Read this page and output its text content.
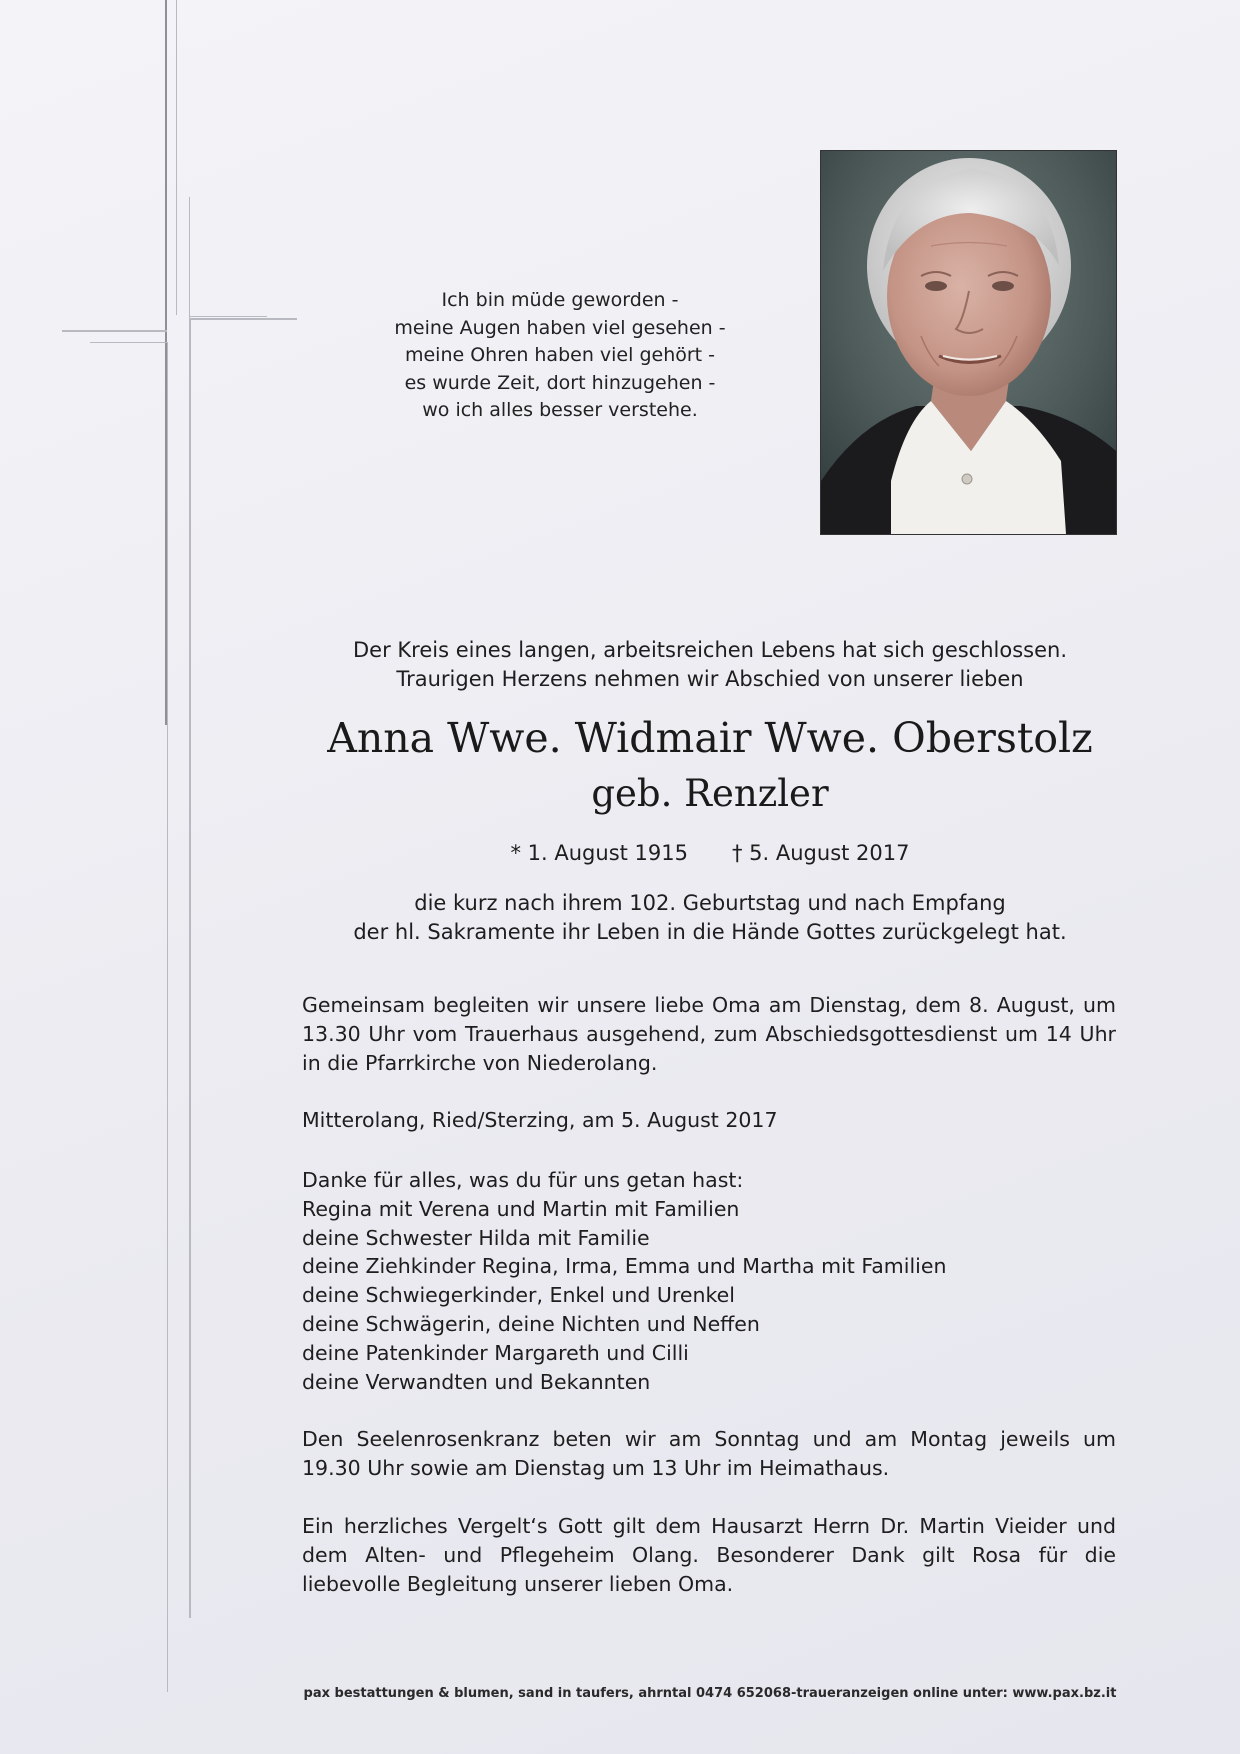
Ich bin müde geworden -
meine Augen haben viel gesehen -
meine Ohren haben viel gehört -
es wurde Zeit, dort hinzugehen -
wo ich alles besser verstehe.
Der Kreis eines langen, arbeitsreichen Lebens hat sich geschlossen.
Traurigen Herzens nehmen wir Abschied von unserer lieben
Anna Wwe. Widmair Wwe. Oberstolz
geb. Renzler
* 1. August 1915 † 5. August 2017
die kurz nach ihrem 102. Geburtstag und nach Empfang
der hl. Sakramente ihr Leben in die Hände Gottes zurückgelegt hat.
Gemeinsam begleiten wir unsere liebe Oma am Dienstag, dem 8. August, um
13.30 Uhr vom Trauerhaus ausgehend, zum Abschiedsgottesdienst um 14 Uhr
in die Pfarrkirche von Niederolang.
Mitterolang, Ried/Sterzing, am 5. August 2017
Danke für alles, was du für uns getan hast:
Regina mit Verena und Martin mit Familien
deine Schwester Hilda mit Familie
deine Ziehkinder Regina, Irma, Emma und Martha mit Familien
deine Schwiegerkinder, Enkel und Urenkel
deine Schwägerin, deine Nichten und Neffen
deine Patenkinder Margareth und Cilli
deine Verwandten und Bekannten
Den Seelenrosenkranz beten wir am Sonntag und am Montag jeweils um
19.30 Uhr sowie am Dienstag um 13 Uhr im Heimathaus.
Ein herzliches Vergelt‘s Gott gilt dem Hausarzt Herrn Dr. Martin Vieider und
dem Alten- und Pflegeheim Olang. Besonderer Dank gilt Rosa für die
liebevolle Begleitung unserer lieben Oma.
pax bestattungen & blumen, sand in taufers, ahrntal 0474 652068-traueranzeigen online unter: www.pax.bz.it
